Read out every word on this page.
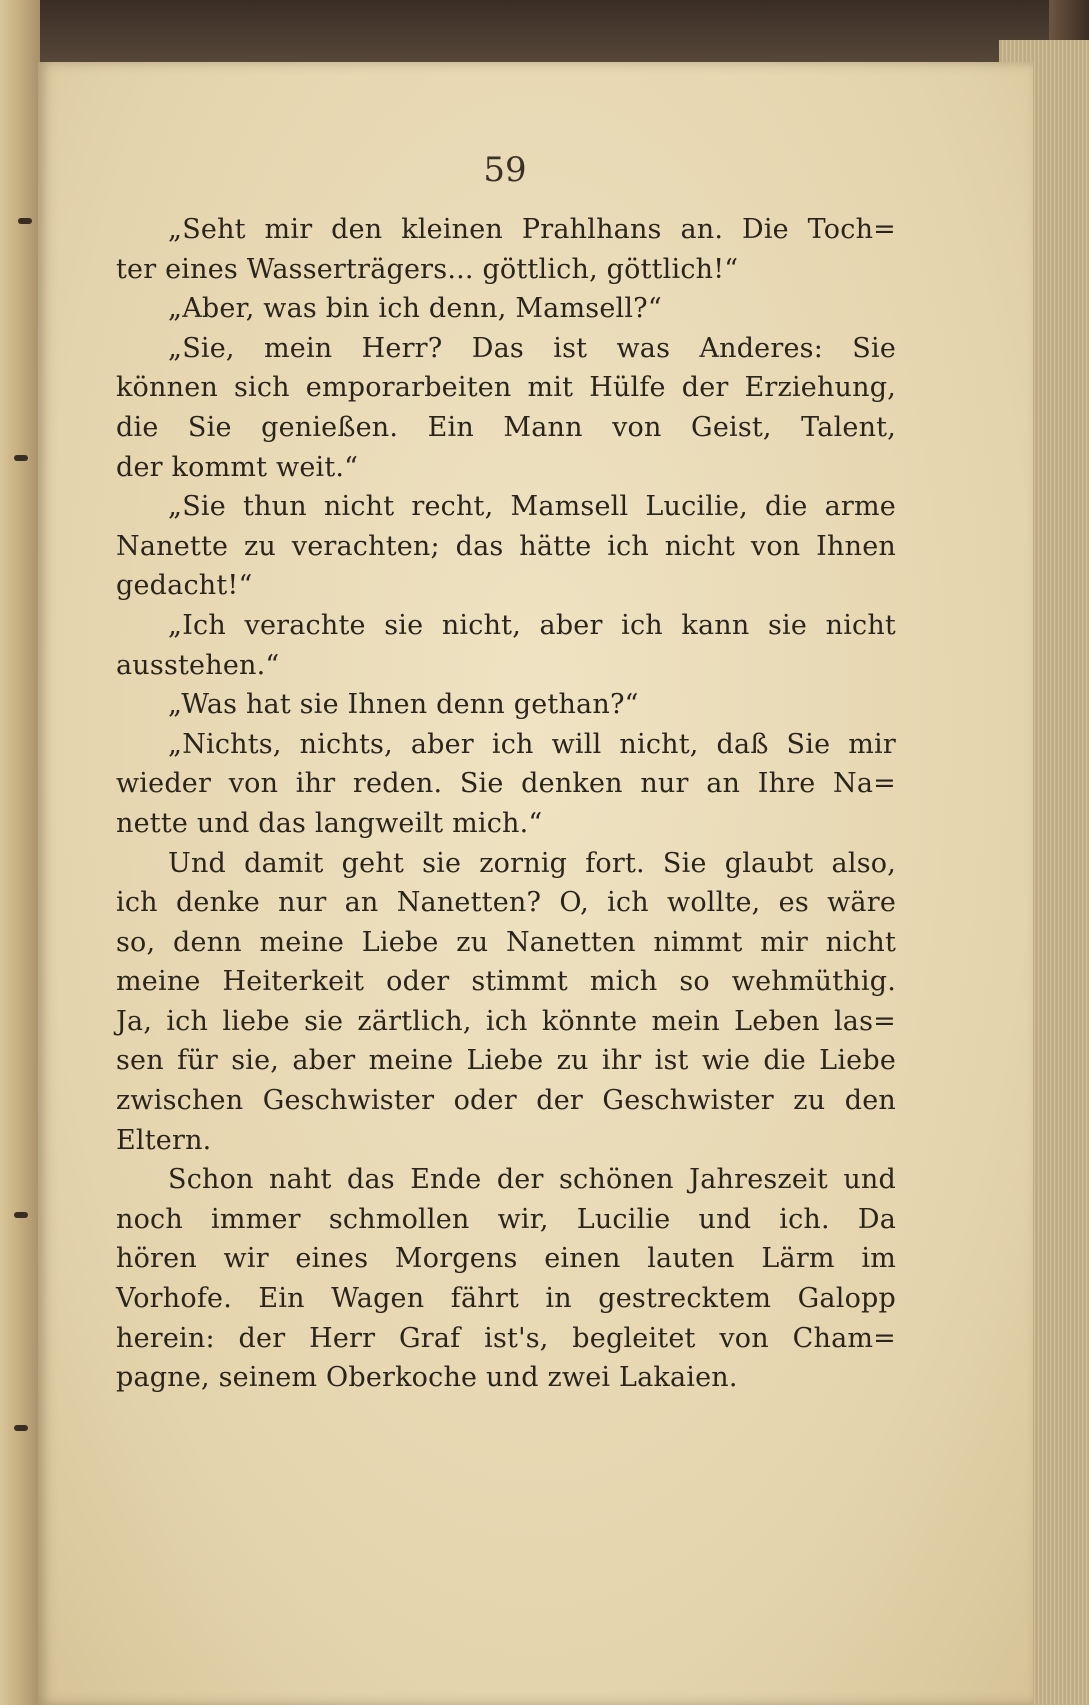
59
„Seht mir den kleinen Prahlhans an. Die Toch=
ter eines Wasserträgers... göttlich, göttlich!“
„Aber, was bin ich denn, Mamsell?“
„Sie, mein Herr? Das ist was Anderes: Sie
können sich emporarbeiten mit Hülfe der Erziehung,
die Sie genießen. Ein Mann von Geist, Talent,
der kommt weit.“
„Sie thun nicht recht, Mamsell Lucilie, die arme
Nanette zu verachten; das hätte ich nicht von Ihnen
gedacht!“
„Ich verachte sie nicht, aber ich kann sie nicht
ausstehen.“
„Was hat sie Ihnen denn gethan?“
„Nichts, nichts, aber ich will nicht, daß Sie mir
wieder von ihr reden. Sie denken nur an Ihre Na=
nette und das langweilt mich.“
Und damit geht sie zornig fort. Sie glaubt also,
ich denke nur an Nanetten? O, ich wollte, es wäre
so, denn meine Liebe zu Nanetten nimmt mir nicht
meine Heiterkeit oder stimmt mich so wehmüthig.
Ja, ich liebe sie zärtlich, ich könnte mein Leben las=
sen für sie, aber meine Liebe zu ihr ist wie die Liebe
zwischen Geschwister oder der Geschwister zu den
Eltern.
Schon naht das Ende der schönen Jahreszeit und
noch immer schmollen wir, Lucilie und ich. Da
hören wir eines Morgens einen lauten Lärm im
Vorhofe. Ein Wagen fährt in gestrecktem Galopp
herein: der Herr Graf ist's, begleitet von Cham=
pagne, seinem Oberkoche und zwei Lakaien.
